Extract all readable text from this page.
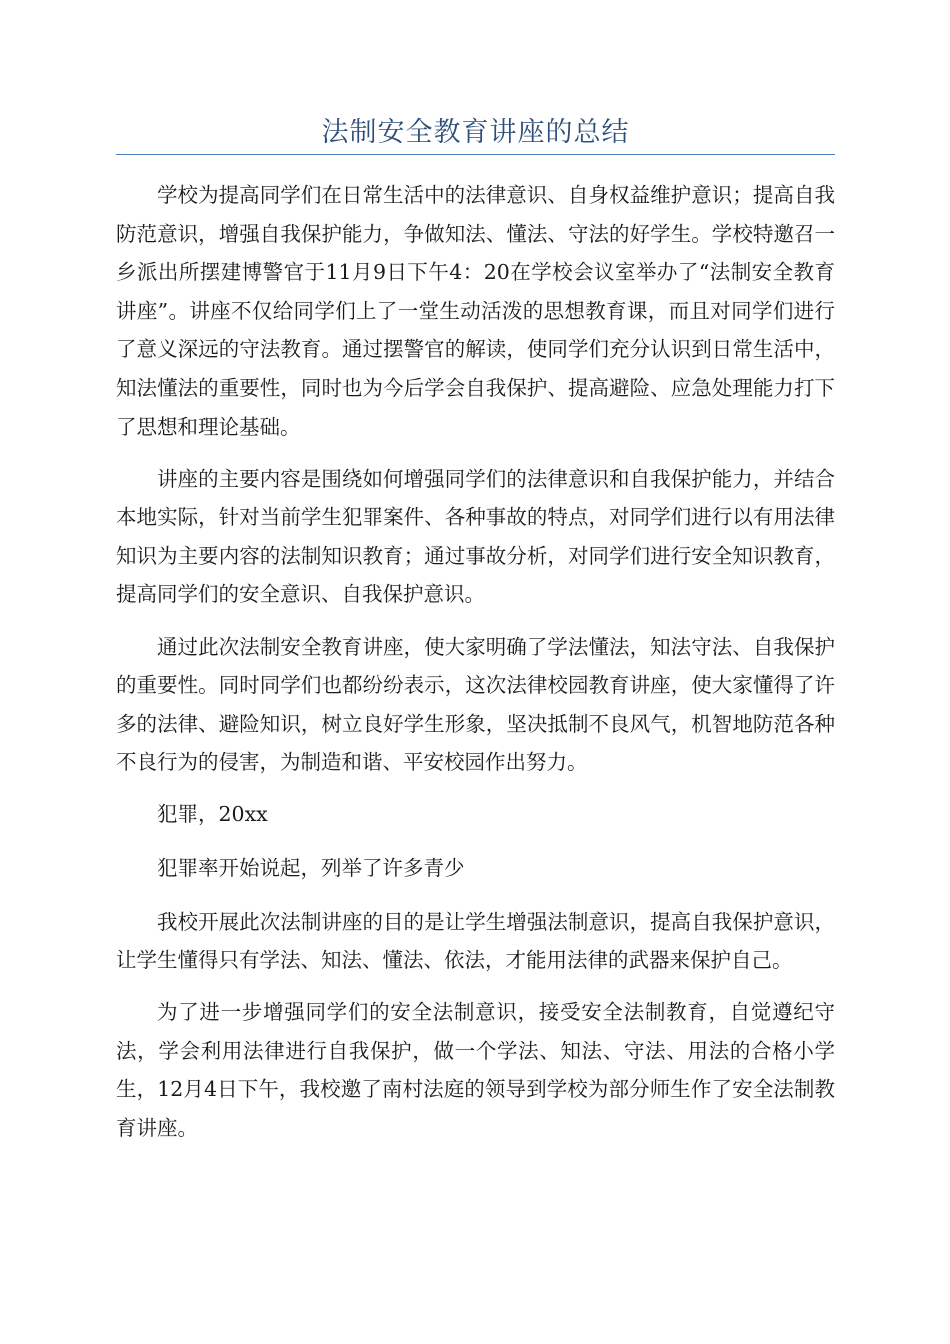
法制安全教育讲座的总结

学校为提高同学们在日常生活中的法律意识、自身权益维护意识；提高自我防范意识，增强自我保护能力，争做知法、懂法、守法的好学生。学校特邀召一乡派出所摆建博警官于11月9日下午4：20在学校会议室举办了“法制安全教育讲座”。讲座不仅给同学们上了一堂生动活泼的思想教育课，而且对同学们进行了意义深远的守法教育。通过摆警官的解读，使同学们充分认识到日常生活中，知法懂法的重要性，同时也为今后学会自我保护、提高避险、应急处理能力打下了思想和理论基础。

讲座的主要内容是围绕如何增强同学们的法律意识和自我保护能力，并结合本地实际，针对当前学生犯罪案件、各种事故的特点，对同学们进行以有用法律知识为主要内容的法制知识教育；通过事故分析，对同学们进行安全知识教育，提高同学们的安全意识、自我保护意识。

通过此次法制安全教育讲座，使大家明确了学法懂法，知法守法、自我保护的重要性。同时同学们也都纷纷表示，这次法律校园教育讲座，使大家懂得了许多的法律、避险知识，树立良好学生形象，坚决抵制不良风气，机智地防范各种不良行为的侵害，为制造和谐、平安校园作出努力。

犯罪，20xx

犯罪率开始说起，列举了许多青少

我校开展此次法制讲座的目的是让学生增强法制意识，提高自我保护意识，让学生懂得只有学法、知法、懂法、依法，才能用法律的武器来保护自己。

为了进一步增强同学们的安全法制意识，接受安全法制教育，自觉遵纪守法，学会利用法律进行自我保护，做一个学法、知法、守法、用法的合格小学生，12月4日下午，我校邀了南村法庭的领导到学校为部分师生作了安全法制教育讲座。
